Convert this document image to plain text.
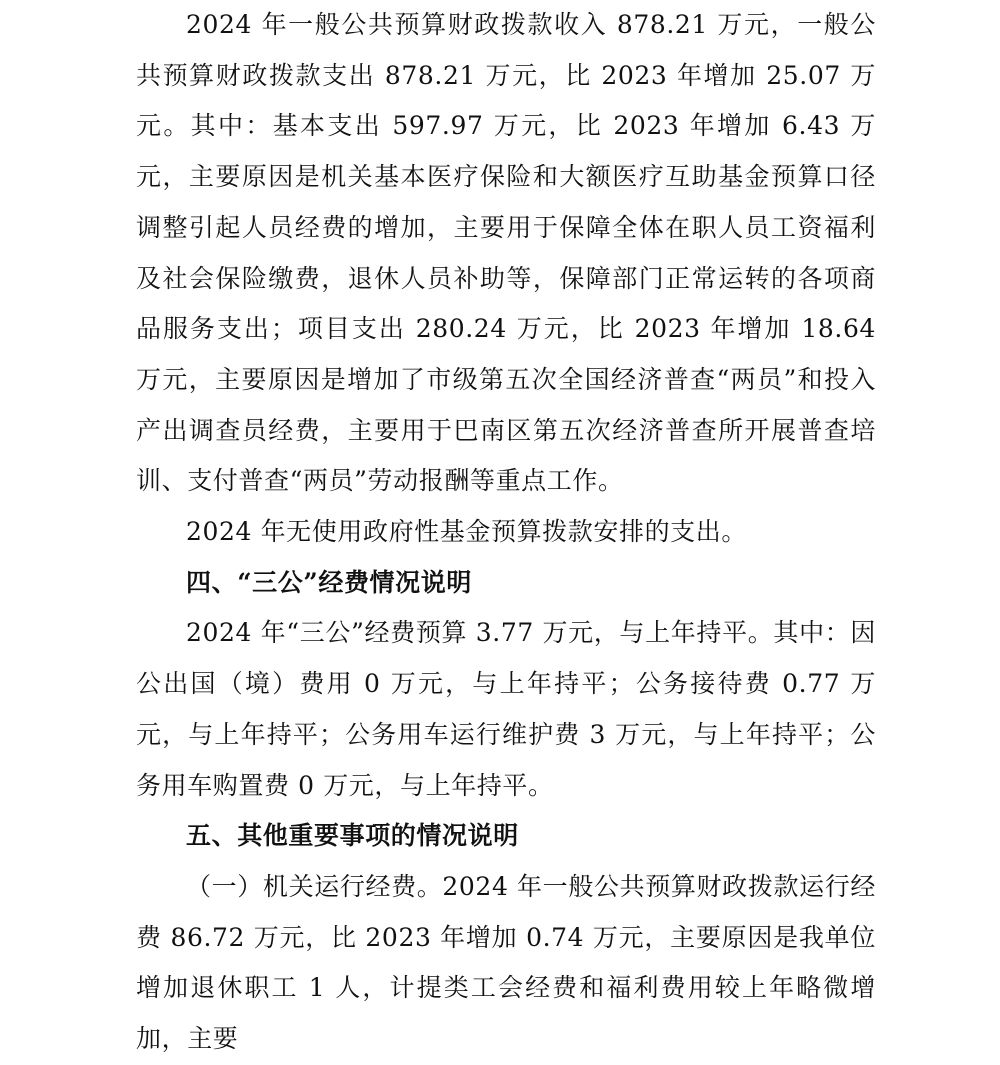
2024 年一般公共预算财政拨款收入 878.21 万元，一般公共预算财政拨款支出 878.21 万元，比 2023 年增加 25.07 万元。其中：基本支出 597.97 万元，比 2023 年增加 6.43 万元，主要原因是机关基本医疗保险和大额医疗互助基金预算口径调整引起人员经费的增加，主要用于保障全体在职人员工资福利及社会保险缴费，退休人员补助等，保障部门正常运转的各项商品服务支出；项目支出 280.24 万元，比 2023 年增加 18.64 万元，主要原因是增加了市级第五次全国经济普查“两员”和投入产出调查员经费，主要用于巴南区第五次经济普查所开展普查培训、支付普查“两员”劳动报酬等重点工作。

2024 年无使用政府性基金预算拨款安排的支出。

四、“三公”经费情况说明

2024 年“三公”经费预算 3.77 万元，与上年持平。其中：因公出国（境）费用 0 万元，与上年持平；公务接待费 0.77 万元，与上年持平；公务用车运行维护费 3 万元，与上年持平；公务用车购置费 0 万元，与上年持平。

五、其他重要事项的情况说明

（一）机关运行经费。2024 年一般公共预算财政拨款运行经费 86.72 万元，比 2023 年增加 0.74 万元，主要原因是我单位增加退休职工 1 人，计提类工会经费和福利费用较上年略微增加，主要
